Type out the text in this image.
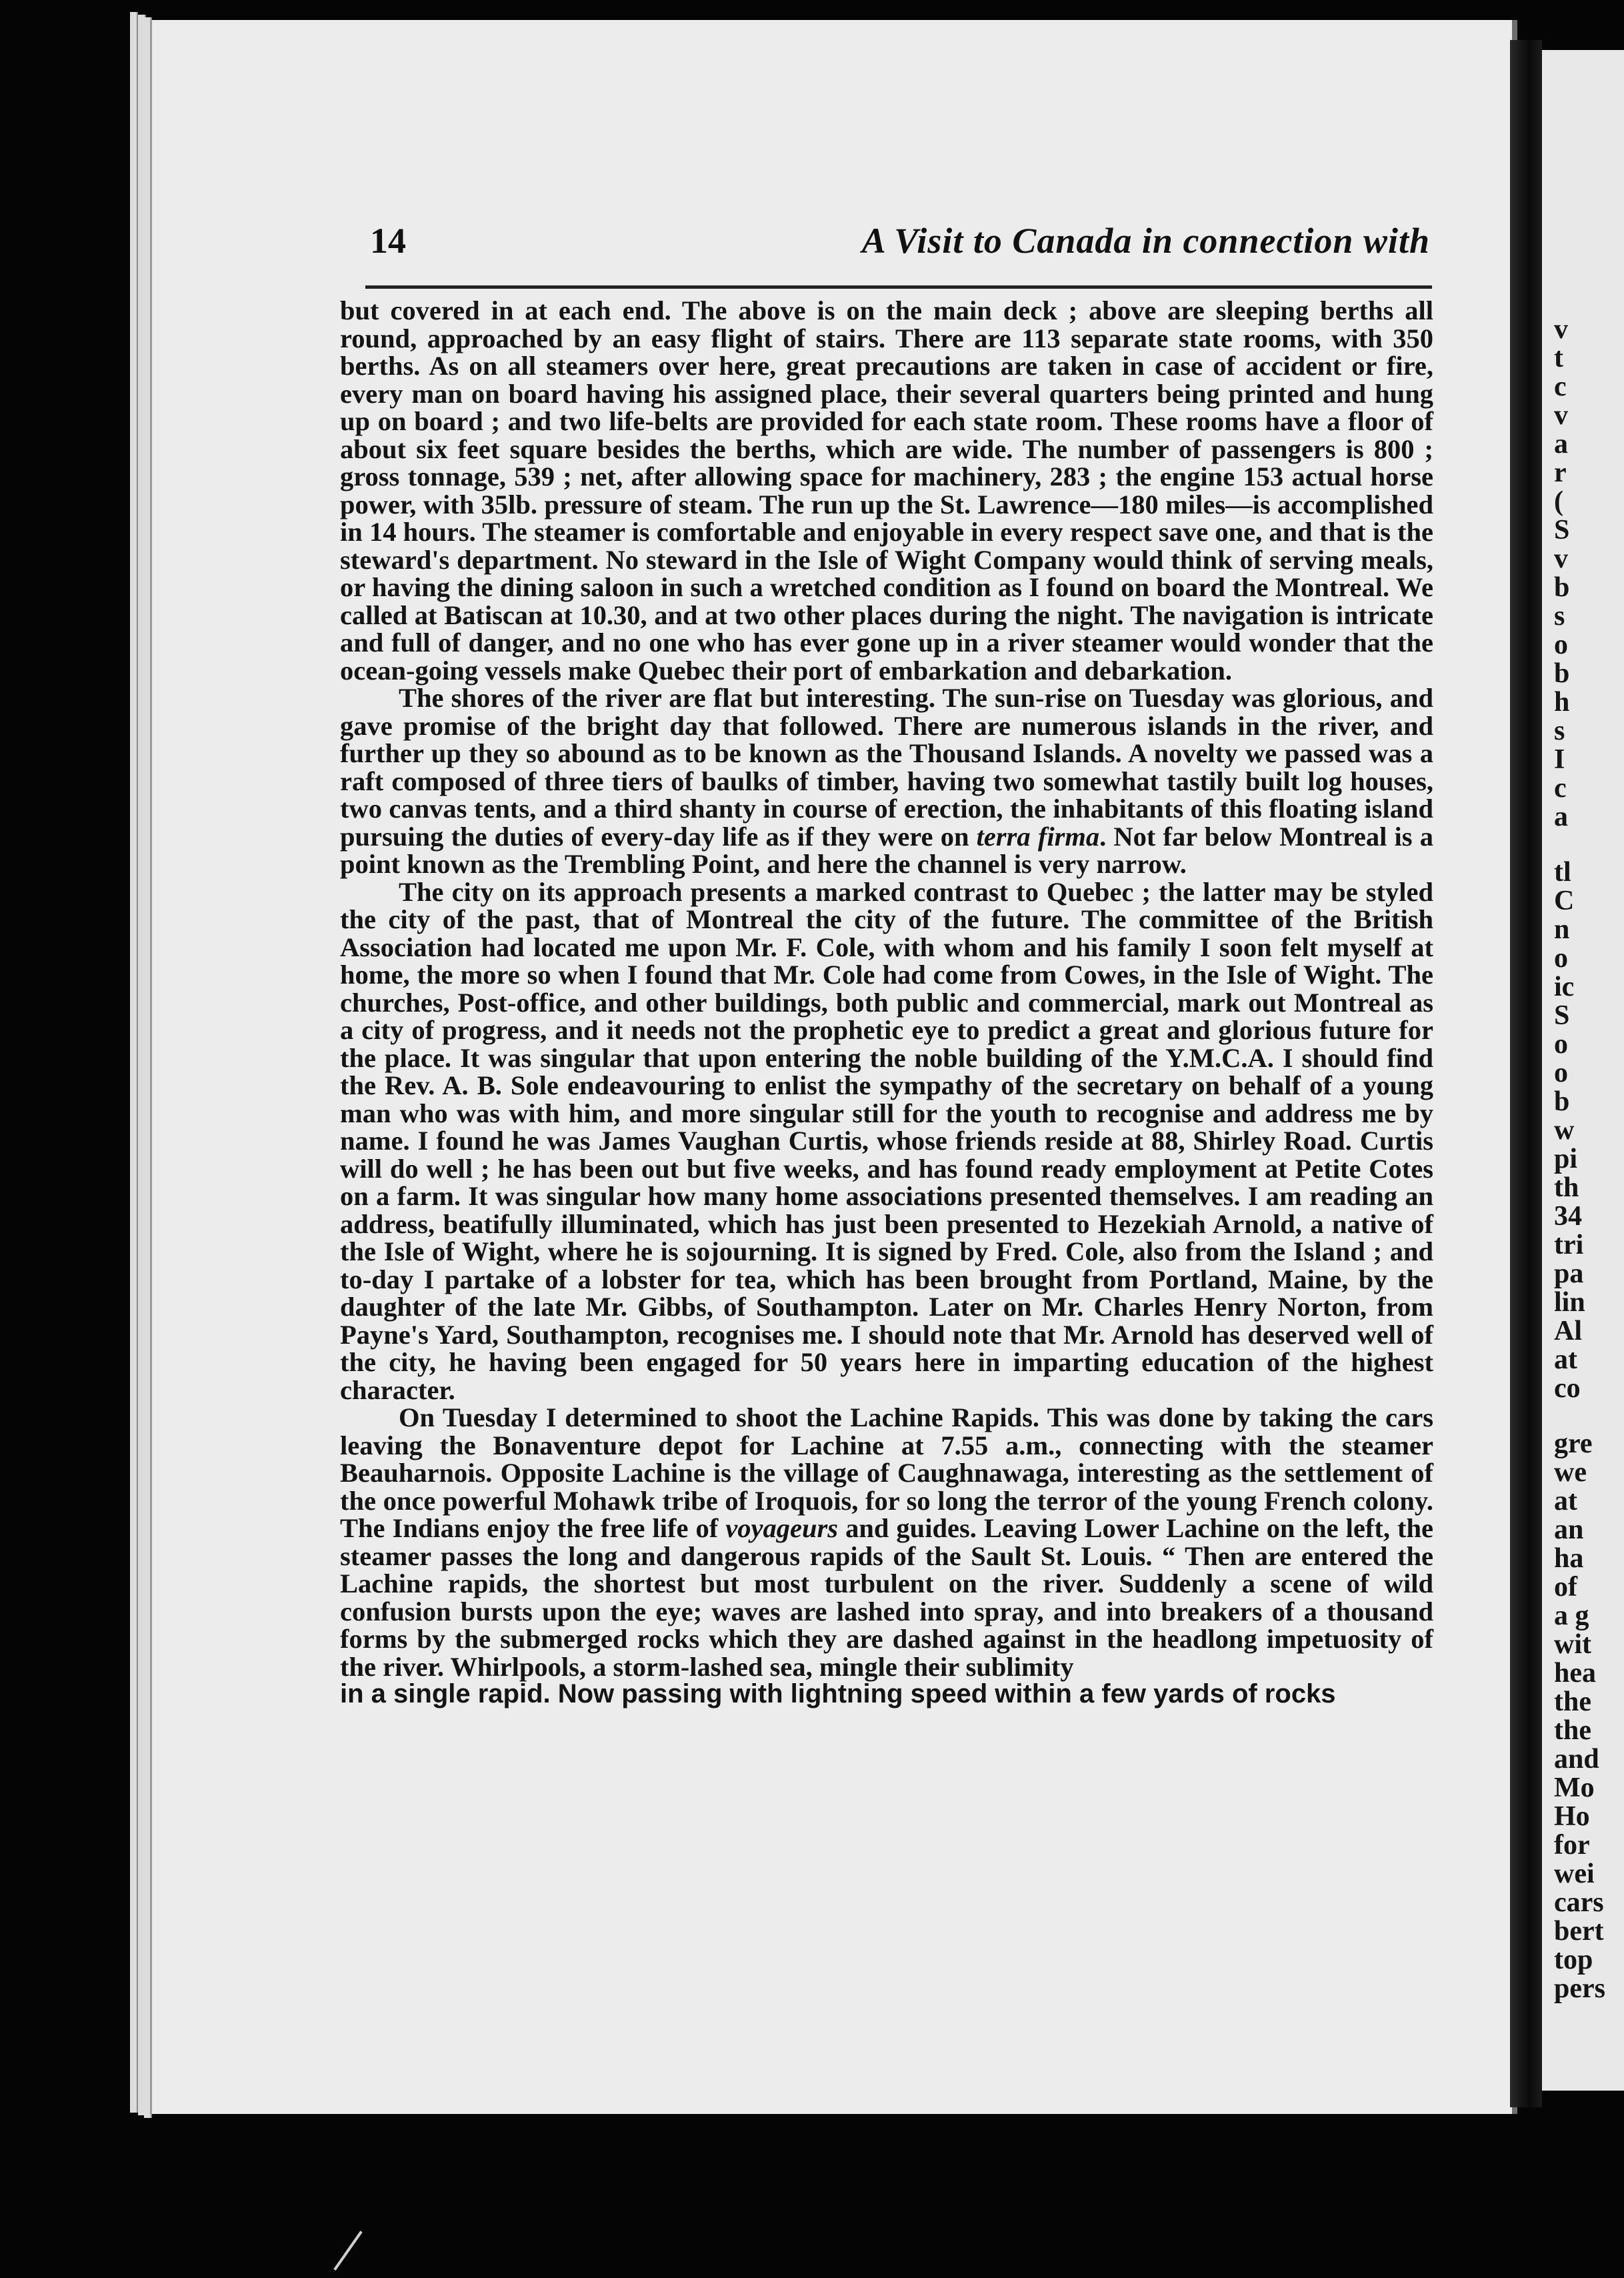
v
t
c
v
a
r
(
S
v
b
s
o
b
h
s
I
c
a
tl
C
n
o
ic
S
o
o
b
w
pi
th
34
tri
pa
lin
Al
at
co
gre
we
at
an
ha
of
a g
wit
hea
the
the
and
Mo
Ho
for
wei
cars
bert
top
pers
14	A Visit to Canada in connection with

but covered in at each end. The above is on the main deck ; above are sleeping berths all round, approached by an easy flight of stairs. There are 113 separate state rooms, with 350 berths. As on all steamers over here, great precautions are taken in case of accident or fire, every man on board having his assigned place, their several quarters being printed and hung up on board ; and two life-belts are provided for each state room. These rooms have a floor of about six feet square besides the berths, which are wide. The number of passengers is 800 ; gross tonnage, 539 ; net, after allowing space for machinery, 283 ; the engine 153 actual horse power, with 35lb. pressure of steam. The run up the St. Lawrence—180 miles—is accomplished in 14 hours. The steamer is comfortable and enjoyable in every respect save one, and that is the steward's department. No steward in the Isle of Wight Company would think of serving meals, or having the dining saloon in such a wretched condition as I found on board the Montreal. We called at Batiscan at 10.30, and at two other places during the night. The navigation is intricate and full of danger, and no one who has ever gone up in a river steamer would wonder that the ocean-going vessels make Quebec their port of embarkation and debarkation.

The shores of the river are flat but interesting. The sun-rise on Tuesday was glorious, and gave promise of the bright day that followed. There are numerous islands in the river, and further up they so abound as to be known as the Thousand Islands. A novelty we passed was a raft composed of three tiers of baulks of timber, having two somewhat tastily built log houses, two canvas tents, and a third shanty in course of erection, the inhabitants of this floating island pursuing the duties of every-day life as if they were on terra firma. Not far below Montreal is a point known as the Trembling Point, and here the channel is very narrow.

The city on its approach presents a marked contrast to Quebec ; the latter may be styled the city of the past, that of Montreal the city of the future. The committee of the British Association had located me upon Mr. F. Cole, with whom and his family I soon felt myself at home, the more so when I found that Mr. Cole had come from Cowes, in the Isle of Wight. The churches, Post-office, and other buildings, both public and commercial, mark out Montreal as a city of progress, and it needs not the prophetic eye to predict a great and glorious future for the place. It was singular that upon entering the noble building of the Y.M.C.A. I should find the Rev. A. B. Sole endeavouring to enlist the sympathy of the secretary on behalf of a young man who was with him, and more singular still for the youth to recognise and address me by name. I found he was James Vaughan Curtis, whose friends reside at 88, Shirley Road. Curtis will do well ; he has been out but five weeks, and has found ready employment at Petite Cotes on a farm. It was singular how many home associations presented themselves. I am reading an address, beatifully illuminated, which has just been presented to Hezekiah Arnold, a native of the Isle of Wight, where he is sojourning. It is signed by Fred. Cole, also from the Island ; and to-day I partake of a lobster for tea, which has been brought from Portland, Maine, by the daughter of the late Mr. Gibbs, of Southampton. Later on Mr. Charles Henry Norton, from Payne's Yard, Southampton, recognises me. I should note that Mr. Arnold has deserved well of the city, he having been engaged for 50 years here in imparting education of the highest character.

On Tuesday I determined to shoot the Lachine Rapids. This was done by taking the cars leaving the Bonaventure depot for Lachine at 7.55 a.m., connecting with the steamer Beauharnois. Opposite Lachine is the village of Caughnawaga, interesting as the settlement of the once powerful Mohawk tribe of Iroquois, for so long the terror of the young French colony. The Indians enjoy the free life of voyageurs and guides. Leaving Lower Lachine on the left, the steamer passes the long and dangerous rapids of the Sault St. Louis. “ Then are entered the Lachine rapids, the shortest but most turbulent on the river. Suddenly a scene of wild confusion bursts upon the eye; waves are lashed into spray, and into breakers of a thousand forms by the submerged rocks which they are dashed against in the headlong impetuosity of the river. Whirlpools, a storm-lashed sea, mingle their sublimity

in a single rapid. Now passing with lightning speed within a few yards of rocks
